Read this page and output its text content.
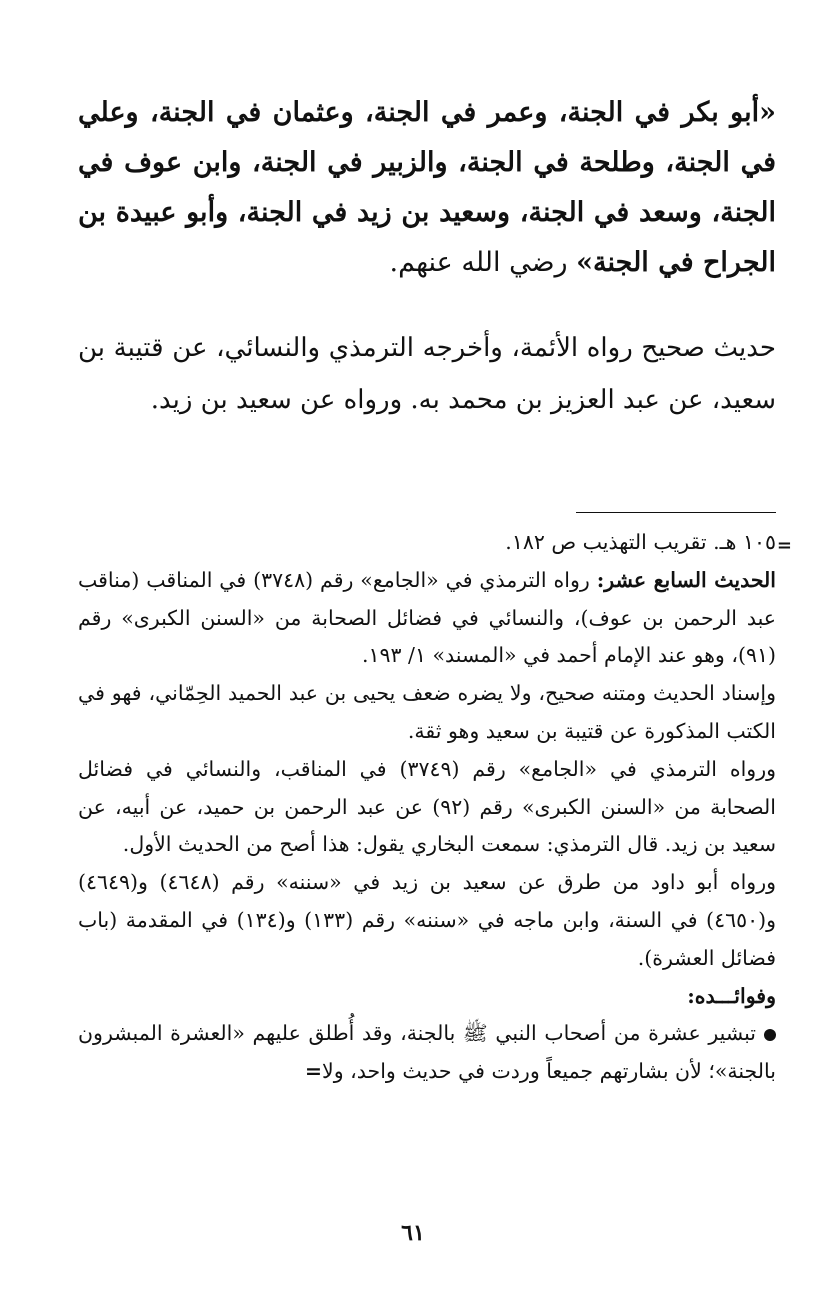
«أبو بكر في الجنة، وعمر في الجنة، وعثمان في الجنة، وعلي في الجنة، وطلحة في الجنة، والزبير في الجنة، وابن عوف في الجنة، وسعد في الجنة، وسعيد بن زيد في الجنة، وأبو عبيدة بن الجراح في الجنة» رضي الله عنهم.
حديث صحيح رواه الأئمة، وأخرجه الترمذي والنسائي، عن قتيبة بن سعيد، عن عبد العزيز بن محمد به. ورواه عن سعيد بن زيد.
=

١٠٥ هـ. تقريب التهذيب ص ١٨٢.

الحديث السابع عشر: رواه الترمذي في «الجامع» رقم (٣٧٤٨) في المناقب (مناقب عبد الرحمن بن عوف)، والنسائي في فضائل الصحابة من «السنن الكبرى» رقم (٩١)، وهو عند الإمام أحمد في «المسند» ١/ ١٩٣.

وإسناد الحديث ومتنه صحيح، ولا يضره ضعف يحيى بن عبد الحميد الحِمّاني، فهو في الكتب المذكورة عن قتيبة بن سعيد وهو ثقة.

ورواه الترمذي في «الجامع» رقم (٣٧٤٩) في المناقب، والنسائي في فضائل الصحابة من «السنن الكبرى» رقم (٩٢) عن عبد الرحمن بن حميد، عن أبيه، عن سعيد بن زيد. قال الترمذي: سمعت البخاري يقول: هذا أصح من الحديث الأول.

ورواه أبو داود من طرق عن سعيد بن زيد في «سننه» رقم (٤٦٤٨) و(٤٦٤٩) و(٤٦٥٠) في السنة، وابن ماجه في «سننه» رقم (١٣٣) و(١٣٤) في المقدمة (باب فضائل العشرة).

وفوائـــده:

تبشير عشرة من أصحاب النبي ﷺ بالجنة، وقد أُطلق عليهم «العشرة المبشرون بالجنة»؛ لأن بشارتهم جميعاً وردت في حديث واحد، ولا=

٦١
